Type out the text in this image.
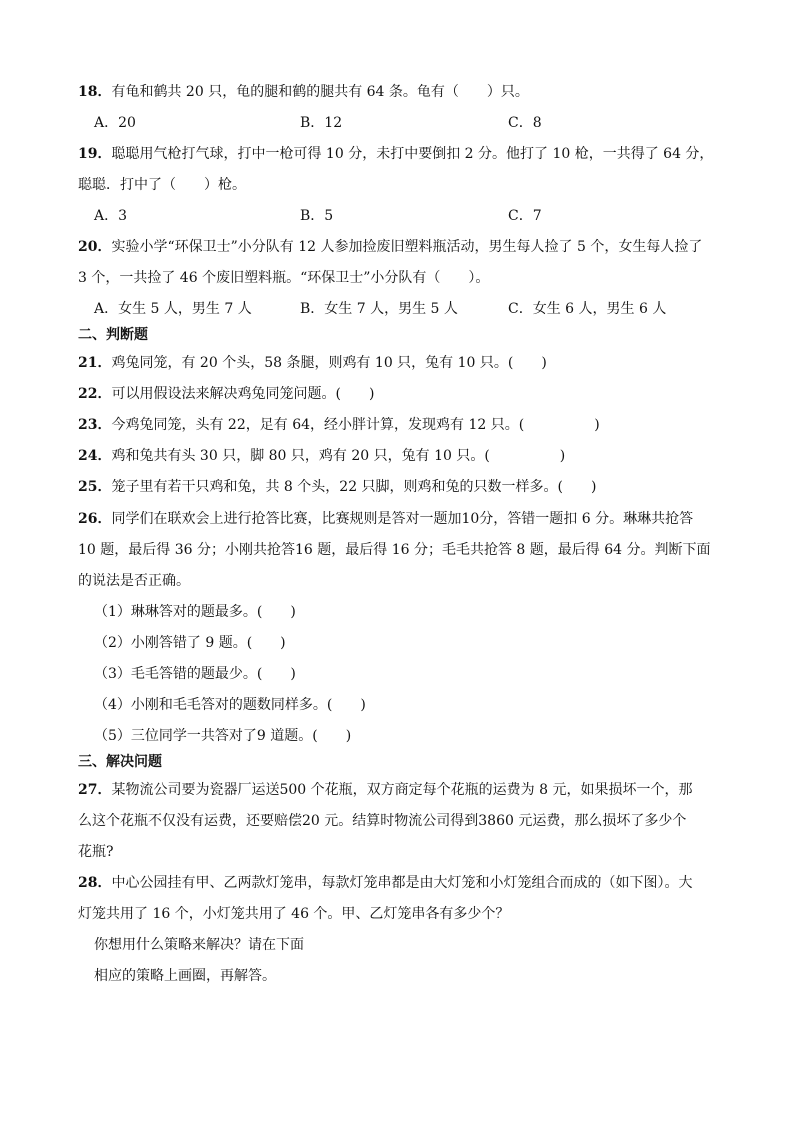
18．有龟和鹤共 20 只，龟的腿和鹤的腿共有 64 条。龟有（　　）只。
A．20	B．12	C．8
19．聪聪用气枪打气球，打中一枪可得 10 分，未打中要倒扣 2 分。他打了 10 枪，一共得了 64 分，
聪聪．打中了（　　）枪。
A．3	B．5	C．7
20．实验小学“环保卫士”小分队有 12 人参加捡废旧塑料瓶活动，男生每人捡了 5 个，女生每人捡了
3 个，一共捡了 46 个废旧塑料瓶。“环保卫士”小分队有（　　）。
A．女生 5 人，男生 7 人	B．女生 7 人，男生 5 人	C．女生 6 人，男生 6 人
二、判断题
21．鸡兔同笼，有 20 个头，58 条腿，则鸡有 10 只，兔有 10 只。(　　)
22．可以用假设法来解决鸡兔同笼问题。(　　)
23．今鸡兔同笼，头有 22，足有 64，经小胖计算，发现鸡有 12 只。(　　　　　)
24．鸡和兔共有头 30 只，脚 80 只，鸡有 20 只，兔有 10 只。(　　　　　)
25．笼子里有若干只鸡和兔，共 8 个头，22 只脚，则鸡和兔的只数一样多。(　　)
26．同学们在联欢会上进行抢答比赛，比赛规则是答对一题加10分，答错一题扣 6 分。琳琳共抢答
10 题，最后得 36 分；小刚共抢答16 题，最后得 16 分；毛毛共抢答 8 题，最后得 64 分。判断下面
的说法是否正确。
（1）琳琳答对的题最多。(　　)
（2）小刚答错了 9 题。(　　)
（3）毛毛答错的题最少。(　　)
（4）小刚和毛毛答对的题数同样多。(　　)
（5）三位同学一共答对了9 道题。(　　)
三、解决问题
27．某物流公司要为瓷器厂运送500 个花瓶，双方商定每个花瓶的运费为 8 元，如果损坏一个，那
么这个花瓶不仅没有运费，还要赔偿20 元。结算时物流公司得到3860 元运费，那么损坏了多少个
花瓶?
28．中心公园挂有甲、乙两款灯笼串，每款灯笼串都是由大灯笼和小灯笼组合而成的（如下图）。大
灯笼共用了 16 个，小灯笼共用了 46 个。甲、乙灯笼串各有多少个？
你想用什么策略来解决？请在下面
相应的策略上画圈，再解答。
